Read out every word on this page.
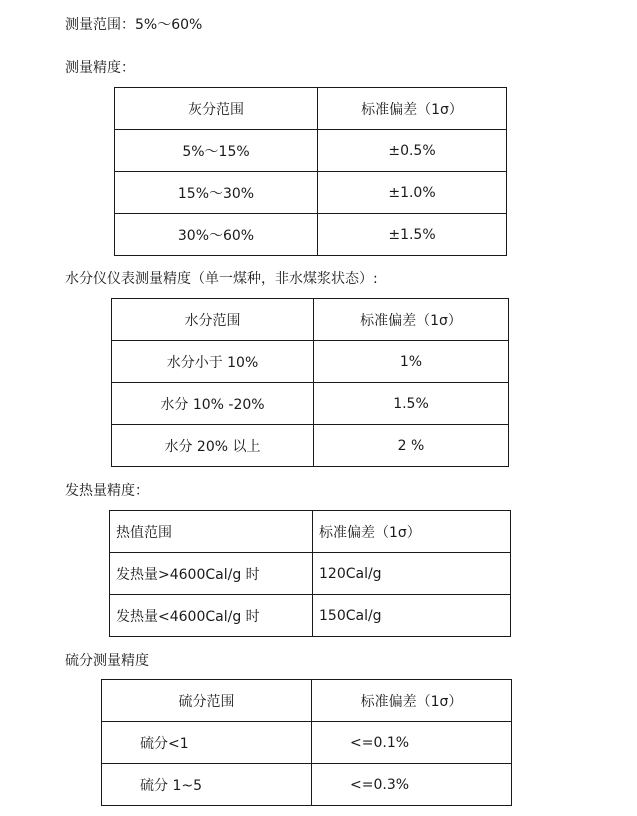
测量范围：5%～60%
测量精度：
灰分范围	标准偏差（1σ）
5%～15%	±0.5%
15%～30%	±1.0%
30%～60%	±1.5%
水分仪仪表测量精度（单一煤种，非水煤浆状态）:
水分范围	标准偏差（1σ）
水分小于 10%	1%
水分 10% -20%	1.5%
水分 20% 以上	2 %
发热量精度：
热值范围	标准偏差（1σ）
发热量>4600Cal/g 时	120Cal/g
发热量<4600Cal/g 时	150Cal/g
硫分测量精度
硫分范围	标准偏差（1σ）
硫分<1	<=0.1%
硫分 1~5	<=0.3%
